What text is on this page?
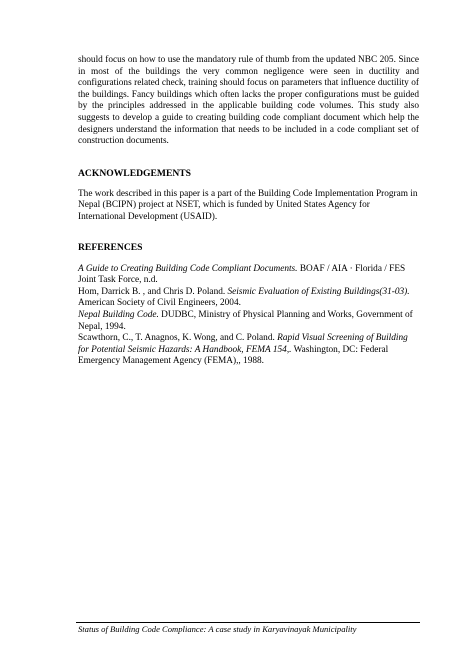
should focus on how to use the mandatory rule of thumb from the updated NBC 205. Since in most of the buildings the very common negligence were seen in ductility and configurations related check, training should focus on parameters that influence ductility of the buildings. Fancy buildings which often lacks the proper configurations must be guided by the principles addressed in the applicable building code volumes. This study also suggests to develop a guide to creating building code compliant document which help the designers understand the information that needs to be included in a code compliant set of construction documents.

ACKNOWLEDGEMENTS

The work described in this paper is a part of the Building Code Implementation Program in Nepal (BCIPN) project at NSET, which is funded by United States Agency for International Development (USAID).

REFERENCES

A Guide to Creating Building Code Compliant Documents. BOAF / AIA · Florida / FES Joint Task Force, n.d.

Hom, Darrick B. , and Chris D. Poland. Seismic Evaluation of Existing Buildings(31-03). American Society of Civil Engineers, 2004.

Nepal Building Code. DUDBC, Ministry of Physical Planning and Works, Government of Nepal, 1994.

Scawthorn, C., T. Anagnos, K. Wong, and C. Poland. Rapid Visual Screening of Building for Potential Seismic Hazards: A Handbook, FEMA 154,. Washington, DC: Federal Emergency Management Agency (FEMA),, 1988.

Status of Building Code Compliance: A case study in Karyavinayak Municipality
